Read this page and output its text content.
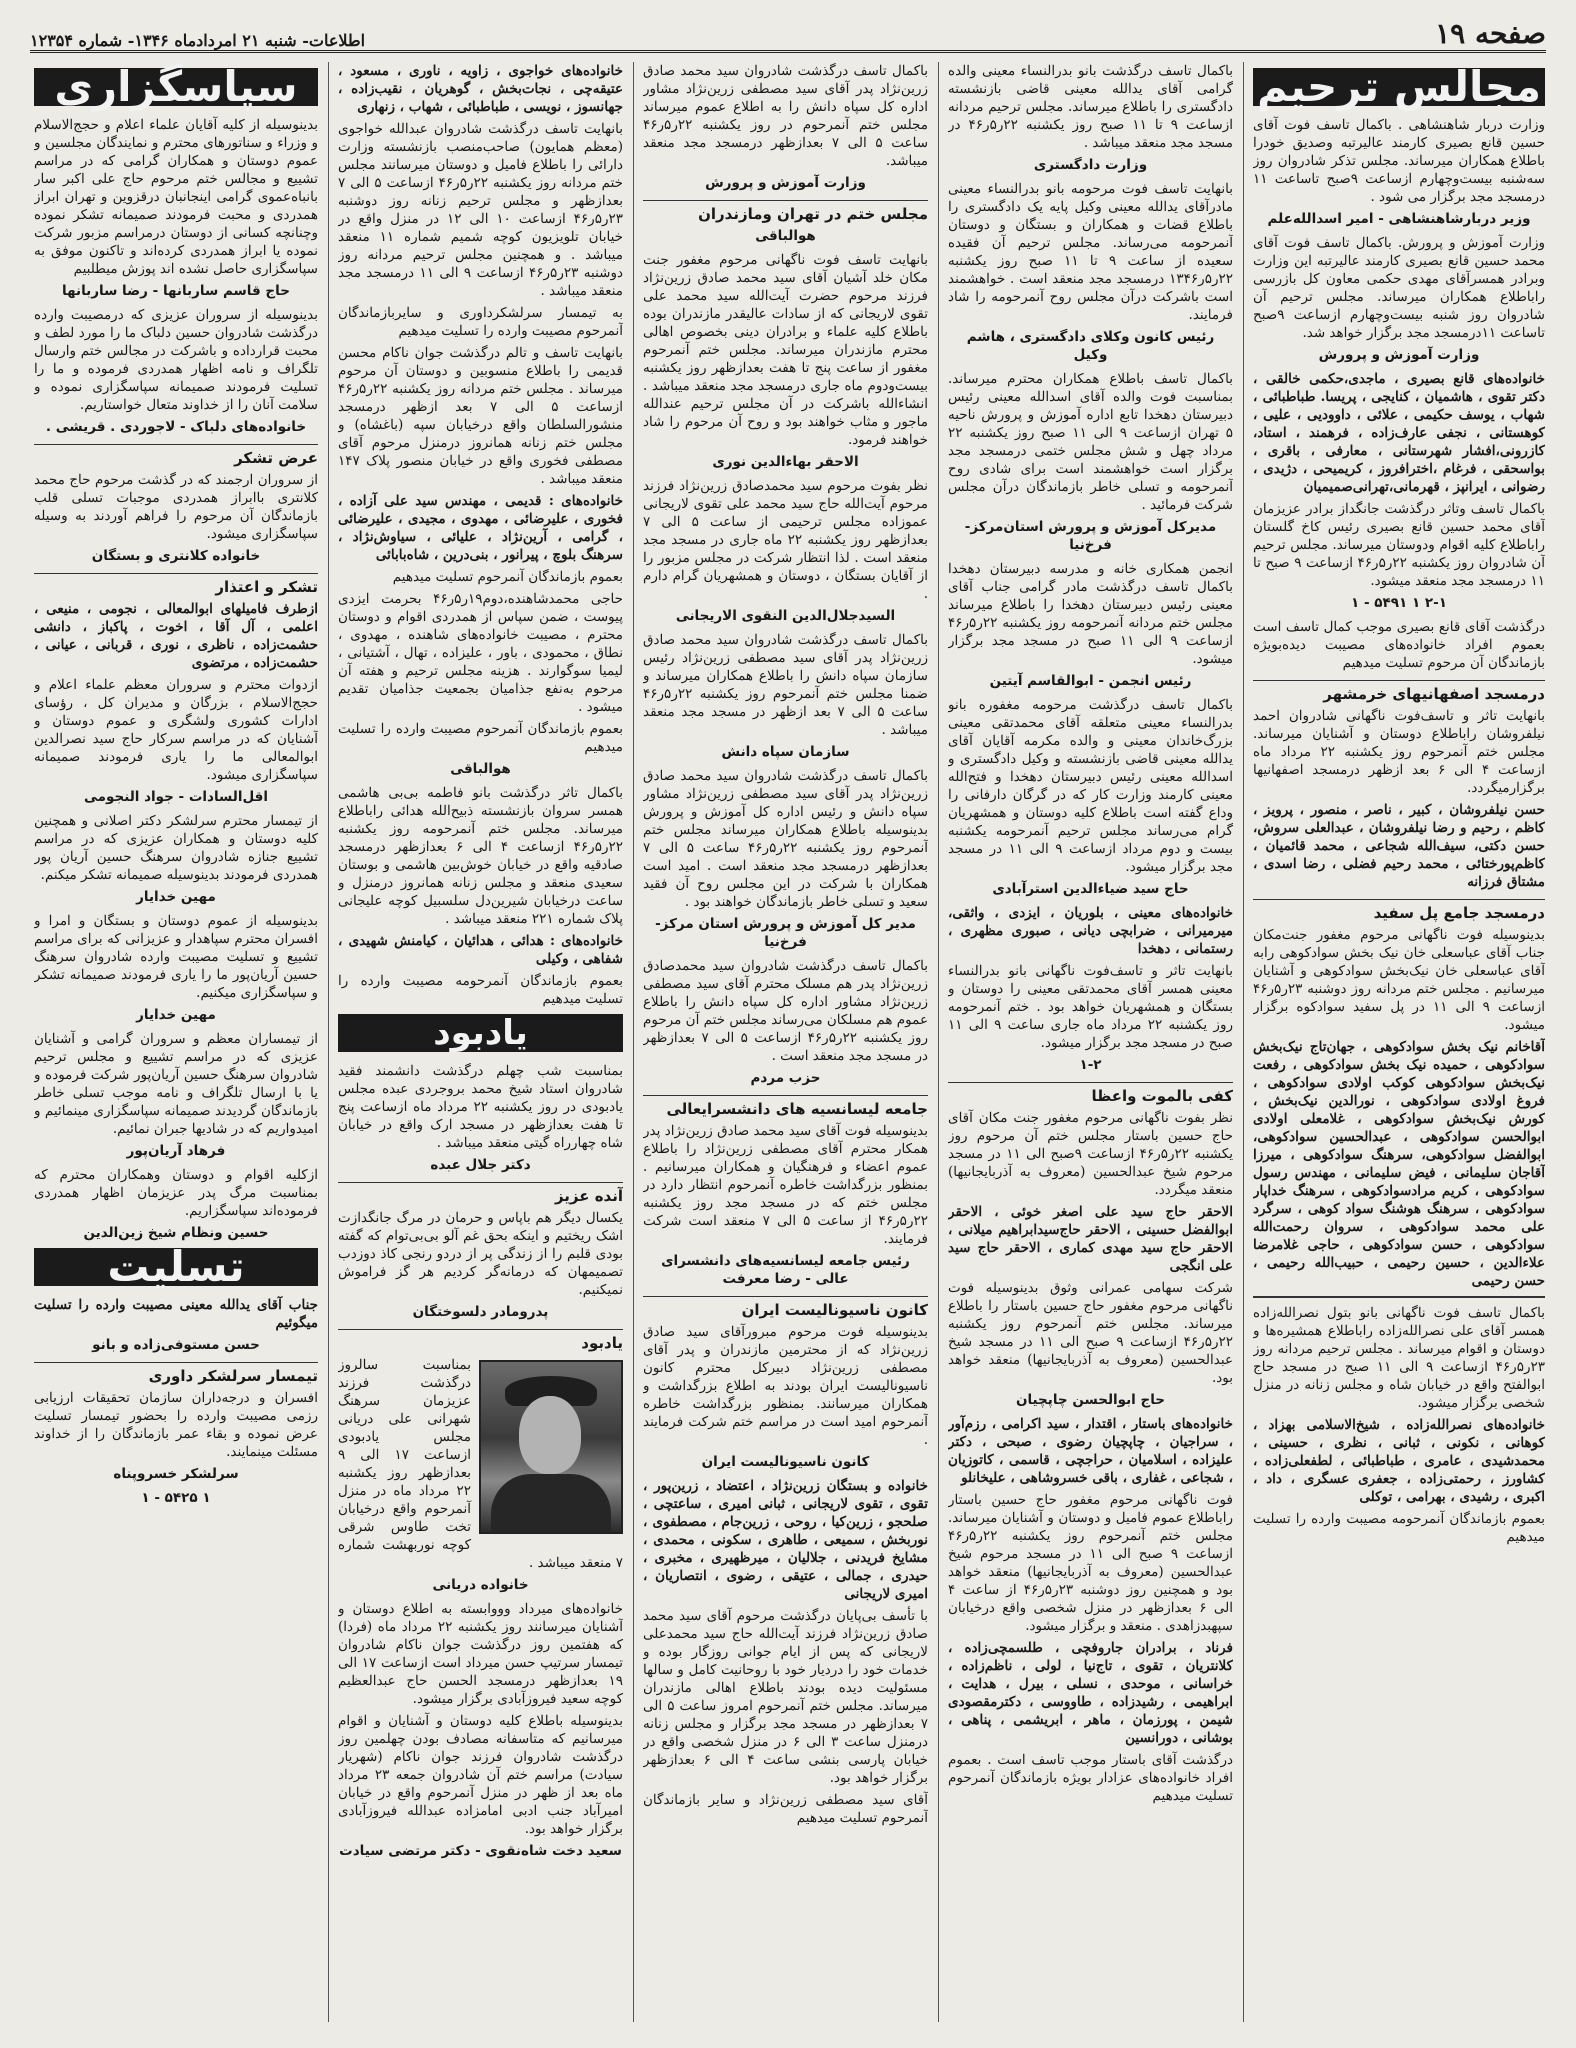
صفحه ۱۹
اطلاعات- شنبه ۲۱ امردادماه ۱۳۴۶- شماره ۱۲۳۵۴
مجالس ترحیم

وزارت دربار شاهنشاهی . باکمال تاسف فوت آقای حسین قانع بصیری کارمند عالیرتبه وصدیق خودرا باطلاع همکاران میرساند. مجلس تذکر شادروان روز سه‌شنبه بیست‌وچهارم ازساعت ۹صبح تاساعت ۱۱ درمسجد مجد برگزار می شود .

وزیر دربارشاهنشاهی - امیر اسدالله‌علم

وزارت آموزش و پرورش. باکمال تاسف فوت آقای محمد حسین قانع بصیری کارمند عالیرتبه این وزارت وبرادر همسرآقای مهدی حکمی معاون کل بازرسی راباطلاع همکاران میرساند. مجلس ترحیم آن شادروان روز شنبه بیست‌وچهارم ازساعت ۹صبح تاساعت ۱۱درمسجد مجد برگزار خواهد شد.

وزارت آموزش و پرورش

خانواده‌های قانع بصیری ، ماجدی،حکمی خالقی ، دکتر تقوی ، هاشمیان ، کنایجی ، پریسا. طباطبائی ، شهاب ، یوسف حکیمی ، علائی ، داوودیی ، علیی ، کوهستانی ، نجفی عارف‌زاده ، فرهمند ، استاد، کازرونی،افشار شهرستانی ، معارفی ، باقری ، بواسحقی ، فرغام ،اخترافروز ، کریمیحی ، دژیدی ، رضوانی ، ایرانپز ، قهرمانی،تهرانی‌صمیمیان

باکمال تاسف وتاثر درگذشت جانگداز برادر عزیزمان آقای محمد حسین قانع بصیری رئیس کاخ گلستان راباطلاع کلیه اقوام ودوستان میرساند. مجلس ترحیم آن شادروان روز یکشنبه ۲۲ر۵ر۴۶ ازساعت ۹ صبح تا ۱۱ درمسجد مجد منعقد میشود.

۲-۱ ۱ ۵۴۹۱ - ۱

درگذشت آقای قانع بصیری موجب کمال تاسف است بعموم افراد خانواده‌های مصیبت دیده‌بویژه بازماندگان آن مرحوم تسلیت میدهیم

درمسجد اصفهانیهای خرمشهر

بانهایت تاثر و تاسف‌فوت ناگهانی شادروان احمد نیلفروشان راباطلاع دوستان و آشنایان میرساند. مجلس ختم آنمرحوم روز یکشنبه ۲۲ مرداد ماه ازساعت ۴ الی ۶ بعد ازظهر درمسجد اصفهانیها برگزارمیگردد.

حسن نیلفروشان ، کبیر ، ناصر ، منصور ، پرویز ، کاظم ، رحیم و رضا نیلفروشان ، عبدالعلی سروش، حسن دکتی، سیف‌الله شجاعی ، محمد قائمیان ، کاظم‌پورختائی ، محمد رحیم فضلی ، رضا اسدی ، مشتاق فرزانه

درمسجد جامع پل سفید

بدینوسیله فوت ناگهانی مرحوم مغفور جنت‌مکان جناب آقای عباسعلی خان نیک بخش سوادکوهی رابه آقای عباسعلی خان نیک‌بخش سوادکوهی و آشنایان میرسانیم . مجلس ختم مردانه روز دوشنبه ۲۳ر۵ر۴۶ ازساعت ۹ الی ۱۱ در پل سفید سوادکوه برگزار میشود.

آقاخانم نیک بخش سوادکوهی ، جهان‌تاج نیک‌بخش سوادکوهی ، حمیده نیک بخش سوادکوهی ، رفعت نیک‌بخش سوادکوهی کوکب اولادی سوادکوهی ، فروغ اولادی سوادکوهی ، نورالدین نیک‌بخش ، کورش نیک‌بخش سوادکوهی ، غلامعلی اولادی ابوالحسن سوادکوهی ، عبدالحسین سوادکوهی، ابوالفضل سوادکوهی، سرهنگ سوادکوهی ، میرزا آقاجان سلیمانی ، فیض سلیمانی ، مهندس رسول سوادکوهی ، کریم مرادسوادکوهی ، سرهنگ خداپار سوادکوهی ، سرهنگ هوشنگ سواد کوهی ، سرگرد علی محمد سوادکوهی ، سروان رحمت‌الله سوادکوهی ، حسن سوادکوهی ، حاجی غلامرضا علاءالدین ، حسین رحیمی ، حبیب‌الله رحیمی ، حسن رحیمی

باکمال تاسف فوت ناگهانی بانو بتول نصرالله‌زاده همسر آقای علی نصرالله‌زاده راباطلاع همشیره‌ها و دوستان و اقوام میرساند . مجلس ترحیم مردانه روز ۲۳ر۵ر۴۶ ازساعت ۹ الی ۱۱ صبح در مسجد حاج ابوالفتح واقع در خیابان شاه و مجلس زنانه در منزل شخصی برگزار میشود.

خانواده‌های نصرالله‌زاده ، شیخ‌الاسلامی بهزاد ، کوهانی ، نکونی ، ثبانی ، نظری ، حسینی ، محمدشیدی ، عامری ، طباطبائی ، لطفعلی‌زاده ، کشاورز ، رحمتی‌زاده ، جعفری عسگری ، داد ، اکبری ، رشیدی ، بهرامی ، توکلی

بعموم بازماندگان آنمرحومه مصیبت وارده را تسلیت میدهیم

باکمال تاسف درگذشت بانو بدرالنساء معینی والده گرامی آقای یدالله معینی قاضی بازنشسته دادگستری را باطلاع میرساند. مجلس ترحیم مردانه ازساعت ۹ تا ۱۱ صبح روز یکشنبه ۲۲ر۵ر۴۶ در مسجد مجد منعقد میباشد .

وزارت دادگستری

بانهایت تاسف فوت مرحومه بانو بدرالنساء معینی مادرآقای یدالله معینی وکیل پایه یک دادگستری را باطلاع قضات و همکاران و بستگان و دوستان آنمرحومه می‌رساند. مجلس ترحیم آن فقیده سعیده از ساعت ۹ تا ۱۱ صبح روز یکشنبه ۲۲ر۵ر۱۳۴۶ درمسجد مجد منعقد است . خواهشمند است باشرکت درآن مجلس روح آنمرحومه را شاد فرمایند.

رئیس کانون وکلای دادگستری ، هاشم وکیل

باکمال تاسف باطلاع همکاران محترم میرساند. بمناسبت فوت والده آقای اسدالله معینی رئیس دبیرستان دهخدا تابع اداره آموزش و پرورش ناحیه ۵ تهران ازساعت ۹ الی ۱۱ صبح روز یکشنبه ۲۲ مرداد چهل و شش مجلس ختمی درمسجد مجد برگزار است خواهشمند است برای شادی روح آنمرحومه و تسلی خاطر بازماندگان درآن مجلس شرکت فرمائید .

مدیرکل آموزش و پرورش استان‌مرکز- فرخ‌نیا

انجمن همکاری خانه و مدرسه دبیرستان دهخدا باکمال تاسف درگذشت مادر گرامی جناب آقای معینی رئیس دبیرستان دهخدا را باطلاع میرساند مجلس ختم مردانه آنمرحومه روز یکشنبه ۲۲ر۵ر۴۶ ازساعت ۹ الی ۱۱ صبح در مسجد مجد برگزار میشود.

رئیس انجمن - ابوالقاسم آیتین

باکمال تاسف درگذشت مرحومه مغفوره بانو بدرالنساء معینی متعلقه آقای محمدتقی معینی بزرگ‌خاندان معینی و والده مکرمه آقایان آقای یدالله معینی قاضی بازنشسته و وکیل دادگستری و اسدالله معینی رئیس دبیرستان دهخدا و فتح‌الله معینی کارمند وزارت کار که در گرگان دارفانی را وداع گفته است باطلاع کلیه دوستان و همشهریان گرام می‌رساند مجلس ترحیم آنمرحومه یکشنبه بیست و دوم مرداد ازساعت ۹ الی ۱۱ در مسجد مجد برگزار میشود.

حاج سید ضیاءالدین استرآبادی

خانواده‌های معینی ، بلوریان ، ایزدی ، واثقی، میرمیرانی ، ضرابچی دیانی ، صبوری مظهری ، رستمانی ، دهخدا

بانهایت تاثر و تاسف‌فوت ناگهانی بانو بدرالنساء معینی همسر آقای محمدتقی معینی را دوستان و بستگان و همشهریان خواهد بود . ختم آنمرحومه روز یکشنبه ۲۲ مرداد ماه جاری ساعت ۹ الی ۱۱ صبح در مسجد مجد برگزار میشود.

۱-۲
کفی بالموت واعظا

نظر بفوت ناگهانی مرحوم مغفور جنت مکان آقای حاج حسین باستار مجلس ختم آن مرحوم روز یکشنبه ۲۲ر۵ر۴۶ ازساعت ۹صبح الی ۱۱ در مسجد مرحوم شیخ عبدالحسین (معروف به آذربایجانیها) منعقد میگردد.

الاحقر حاج سید علی اصغر خوئی ، الاحقر ابوالفضل حسینی ، الاحقر حاج‌سیدابراهیم میلانی ، الاحقر حاج سید مهدی کماری ، الاحقر حاج سید علی انگجی

شرکت سهامی عمرانی وثوق بدینوسیله فوت ناگهانی مرحوم مغفور حاج حسین باستار را باطلاع میرساند. مجلس ختم آنمرحوم روز یکشنبه ۲۲ر۵ر۴۶ ازساعت ۹ صبح الی ۱۱ در مسجد شیخ عبدالحسین (معروف به آذربایجانیها) منعقد خواهد بود.

حاج ابوالحسن چاپچیان

خانواده‌های باستار ، اقتدار ، سید اکرامی ، رزم‌آور ، سراجیان ، چاپچیان رضوی ، صبحی ، دکتر علیزاده ، اسلامیان ، حراجچی ، قاسمی ، کاتوزیان ، شجاعی ، غفاری ، باقی خسروشاهی ، علیخانلو

فوت ناگهانی مرحوم مغفور حاج حسین باستار راباطلاع عموم فامیل و دوستان و آشنایان میرساند. مجلس ختم آنمرحوم روز یکشنبه ۲۲ر۵ر۴۶ ازساعت ۹ صبح الی ۱۱ در مسجد مرحوم شیخ عبدالحسین (معروف به آذربایجانیها) منعقد خواهد بود و همچنین روز دوشنبه ۲۳ر۵ر۴۶ از ساعت ۴ الی ۶ بعدازظهر در منزل شخصی واقع درخیابان سپهبدزاهدی . منعقد و برگزار میشود.

فرناد ، برادران جاروفچی ، طلسمچی‌زاده ، کلانتریان ، تقوی ، تاج‌نیا ، لولی ، ناظم‌زاده ، خراسانی ، موحدی ، نسلی ، بیرل ، هدایت ، ابراهیمی ، رشیدزاده ، طاووسی ، دکترمقصودی شیمن ، پورزمان ، ماهر ، ابریشمی ، پناهی ، بوشانی ، دورانسین

درگذشت آقای باستار موجب تاسف است . بعموم افراد خانواده‌های عزادار بویژه بازماندگان آنمرحوم تسلیت میدهیم

باکمال تاسف درگذشت شادروان سید محمد صادق زرین‌نژاد پدر آقای سید مصطفی زرین‌نژاد مشاور اداره کل سپاه دانش را به اطلاع عموم میرساند مجلس ختم آنمرحوم در روز یکشنبه ۲۲ر۵ر۴۶ ساعت ۵ الی ۷ بعدازظهر درمسجد مجد منعقد میباشد.

وزارت آموزش و پرورش
مجلس ختم در تهران ومازندران
هوالباقی

بانهایت تاسف فوت ناگهانی مرحوم مغفور جنت مکان خلد آشیان آقای سید محمد صادق زرین‌نژاد فرزند مرحوم حضرت آیت‌الله سید محمد علی تقوی لاریجانی که از سادات عالیقدر مازندران بوده باطلاع کلیه علماء و برادران دینی بخصوص اهالی محترم مازندران میرساند. مجلس ختم آنمرحوم مغفور از ساعت پنج تا هفت بعدازظهر روز یکشنبه بیست‌ودوم ماه جاری درمسجد مجد منعقد میباشد . انشاءالله باشرکت در آن مجلس ترحیم عندالله ماجور و مثاب خواهند بود و روح آن مرحوم را شاد خواهند فرمود.

الاحقر بهاءالدین نوری

نظر بفوت مرحوم سید محمدصادق زرین‌نژاد فرزند مرحوم آیت‌الله حاج سید محمد علی تقوی لاریجانی عموزاده مجلس ترحیمی از ساعت ۵ الی ۷ بعدازظهر روز یکشنبه ۲۲ ماه جاری در مسجد مجد منعقد است . لذا انتظار شرکت در مجلس مزبور را از آقایان بستگان ، دوستان و همشهریان گرام دارم .

السیدجلال‌الدین النقوی الاریجانی

باکمال تاسف درگذشت شادروان سید محمد صادق زرین‌نژاد پدر آقای سید مصطفی زرین‌نژاد رئیس سازمان سپاه دانش را باطلاع همکاران میرساند و ضمنا مجلس ختم آنمرحوم روز یکشنبه ۲۲ر۵ر۴۶ ساعت ۵ الی ۷ بعد ازظهر در مسجد مجد منعقد میباشد .

سازمان سپاه دانش

باکمال تاسف درگذشت شادروان سید محمد صادق زرین‌نژاد پدر آقای سید مصطفی زرین‌نژاد مشاور سپاه دانش و رئیس اداره کل آموزش و پرورش بدینوسیله باطلاع همکاران میرساند مجلس ختم آنمرحوم روز یکشنبه ۲۲ر۵ر۴۶ ساعت ۵ الی ۷ بعدازظهر درمسجد مجد منعقد است . امید است همکاران با شرکت در این مجلس روح آن فقید سعید و تسلی خاطر بازماندگان خواهند بود .

مدیر کل آموزش و پرورش استان مرکز- فرخ‌نیا

باکمال تاسف درگذشت شادروان سید محمدصادق زرین‌نژاد پدر هم مسلک محترم آقای سید مصطفی زرین‌نژاد مشاور اداره کل سپاه دانش را باطلاع عموم هم مسلکان می‌رساند مجلس ختم آن مرحوم روز یکشنبه ۲۲ر۵ر۴۶ ازساعت ۵ الی ۷ بعدازظهر در مسجد مجد منعقد است .

حزب مردم
جامعه لیسانسیه های دانشسرایعالی

بدینوسیله فوت آقای سید محمد صادق زرین‌نژاد پدر همکار محترم آقای مصطفی زرین‌نژاد را باطلاع عموم اعضاء و فرهنگیان و همکاران میرسانیم . بمنظور بزرگداشت خاطره آنمرحوم انتظار دارد در مجلس ختم که در مسجد مجد روز یکشنبه ۲۲ر۵ر۴۶ از ساعت ۵ الی ۷ منعقد است شرکت فرمایند.

رئیس جامعه لیسانسیه‌های دانشسرای عالی - رضا معرفت
کانون ناسیونالیست ایران

بدینوسیله فوت مرحوم مبرورآقای سید صادق زرین‌نژاد که از محترمین مازندران و پدر آقای مصطفی زرین‌نژاد دبیرکل محترم کانون ناسیونالیست ایران بودند به اطلاع بزرگداشت و همکاران میرسانند. بمنظور بزرگداشت خاطره آنمرحوم امید است در مراسم ختم شرکت فرمایند .

کانون ناسیونالیست ایران

خانواده و بستگان زرین‌نژاد ، اعتضاد ، زرین‌پور ، تقوی ، تقوی لاریجانی ، ثبانی امیری ، ساعتچی ، صلحجو ، زرین‌کیا ، روحی ، زرین‌جام ، مصطفوی ، نوربخش ، سمیعی ، طاهری ، سکونی ، محمدی ، مشایخ فریدنی ، جلالیان ، میرظهیری ، مخبری ، حیدری ، جمالی ، عتیقی ، رضوی ، انتصاریان ، امیری لاریجانی

با تأسف بی‌پایان درگذشت مرحوم آقای سید محمد صادق زرین‌نژاد فرزند آیت‌الله حاج سید محمدعلی لاریجانی که پس از ایام جوانی روزگار بوده و خدمات خود را دردیار خود با روحانیت کامل و سالها مسئولیت دیده بودند باطلاع اهالی مازندران میرساند. مجلس ختم آنمرحوم امروز ساعت ۵ الی ۷ بعدازظهر در مسجد مجد برگزار و مجلس زنانه درمنزل ساعت ۳ الی ۶ در منزل شخصی واقع در خیابان پارسی بنشی ساعت ۴ الی ۶ بعدازظهر برگزار خواهد بود.

آقای سید مصطفی زرین‌نژاد و سایر بازماندگان آنمرحوم تسلیت میدهیم

خانواده‌های خواجوی ، زاویه ، ناوری ، مسعود ، عتیقه‌چی ، نجات‌بخش ، گوهریان ، نقیب‌زاده ، جهانسوز ، نویسی ، طباطبائی ، شهاب ، زنهاری

بانهایت تاسف درگذشت شادروان عبدالله خواجوی (معظم همایون) صاحب‌منصب بازنشسته وزارت دارائی را باطلاع فامیل و دوستان میرسانند مجلس ختم مردانه روز یکشنبه ۲۲ر۵ر۴۶ ازساعت ۵ الی ۷ بعدازظهر و مجلس ترحیم زنانه روز دوشنبه ۲۳ر۵ر۴۶ ازساعت ۱۰ الی ۱۲ در منزل واقع در خیابان تلویزیون کوچه شمیم شماره ۱۱ منعقد میباشد . و همچنین مجلس ترحیم مردانه روز دوشنبه ۲۳ر۵ر۴۶ ازساعت ۹ الی ۱۱ درمسجد مجد منعقد میباشد .

به تیمسار سرلشکرداوری و سایربازماندگان آنمرحوم مصیبت وارده را تسلیت میدهیم

بانهایت تاسف و تالم درگذشت جوان ناکام محسن قدیمی را باطلاع منسوبین و دوستان آن مرحوم میرساند . مجلس ختم مردانه روز یکشنبه ۲۲ر۵ر۴۶ ازساعت ۵ الی ۷ بعد ازظهر درمسجد منشورالسلطان واقع درخیابان سپه (باغشاه) و مجلس ختم زنانه همانروز درمنزل مرحوم آقای مصطفی فخوری واقع در خیابان منصور پلاک ۱۴۷ منعقد میباشد .

خانواده‌های : قدیمی ، مهندس سید علی آزاده ، فخوری ، علیرضائی ، مهدوی ، مجیدی ، علیرضائی ، گرامی ، آرین‌نژاد ، علیائی ، سیاوش‌نژاد ، سرهنگ بلوچ ، پیرانور ، بنی‌درین ، شاه‌بابائی

بعموم بازماندگان آنمرحوم تسلیت میدهیم

حاجی محمدشاهنده،دوم‌۱۹ر۵ر۴۶ بحرمت ایزدی پیوست ، ضمن سپاس از همدردی اقوام و دوستان محترم ، مصیبت خانواده‌های شاهنده ، مهدوی ، نطاق ، محمودی ، باور ، علیزاده ، تهال ، آشتیانی ، لیمیا سوگوارند . هزینه مجلس ترحیم و هفته آن مرحوم به‌نفع جذامیان بجمعیت جذامیان تقدیم میشود .

بعموم بازماندگان آنمرحوم مصیبت وارده را تسلیت میدهیم

هوالباقی

باکمال تاثر درگذشت بانو فاطمه بی‌بی هاشمی همسر سروان بازنشسته ذبیح‌الله هدائی راباطلاع میرساند. مجلس ختم آنمرحومه روز یکشنبه ۲۲ر۵ر۴۶ ازساعت ۴ الی ۶ بعدازظهر درمسجد صادقیه واقع در خیابان خوش‌بین هاشمی و بوستان سعیدی منعقد و مجلس زنانه همانروز درمنزل و ساعت درخیابان شیرین‌دل سلسبیل کوچه علیجانی پلاک شماره ۲۲۱ منعقد میباشد .

خانواده‌های : هدائی ، هدائیان ، کیامنش شهیدی ، شفاهی ، وکیلی

بعموم بازماندگان آنمرحومه مصیبت وارده را تسلیت میدهیم

یادبود

بمناسبت شب چهلم درگذشت دانشمند فقید شادروان استاد شیخ محمد بروجردی عبده مجلس یادبودی در روز یکشنبه ۲۲ مرداد ماه ازساعت پنج تا هفت بعدازظهر در مسجد ارک واقع در خیابان شاه چهارراه گیتی منعقد میباشد .

دکتر جلال عبده
آنده عزیز

یکسال دیگر هم باپاس و حرمان در مرگ جانگدازت اشک ریختیم و اینکه بحق غم آلو بی‌بی‌توام که گفته بودی قلبم را از زندگی پر از دردو رنجی کاذ دوزدب تصمیمهان که درمانه‌گر کردیم هر گز فراموش نمیکنیم.

پدرومادر دلسوختگان
یادبود

بمناسبت سالروز درگذشت فرزند عزیزمان سرهنگ شهرانی علی دریانی مجلس یادبودی ازساعت ۱۷ الی ۹ بعدازظهر روز یکشنبه ۲۲ مرداد ماه در منزل آنمرحوم واقع درخیابان تخت طاوس شرقی کوچه نوربهشت شماره ۷ منعقد میباشد .

خانواده دریانی

خانواده‌های میرداد وووابسته به اطلاع دوستان و آشنایان میرسانند روز یکشنبه ۲۲ مرداد ماه (فردا) که هفتمین روز درگذشت جوان ناکام شادروان تیمسار سرتیپ حسن میرداد است ازساعت ۱۷ الی ۱۹ بعدازظهر درمسجد الحسن حاج عبدالعظیم کوچه سعید فیروزآبادی برگزار میشود.

بدینوسیله باطلاع کلیه دوستان و آشنایان و اقوام میرسانیم که متاسفانه مصادف بودن چهلمین روز درگذشت شادروان فرزند جوان ناکام (شهریار سیادت) مراسم ختم آن شادروان جمعه ۲۳ مرداد ماه بعد از ظهر در منزل آنمرحوم واقع در خیابان امیرآباد جنب ادبی امامزاده عبدالله فیروزآبادی برگزار خواهد بود.

سعید دخت شاه‌نقوی - دکتر مرتضی سیادت
سپاسگزاری

بدینوسیله از کلیه آقایان علماء اعلام و حجج‌الاسلام و وزراء و سناتورهای محترم و نمایندگان مجلسین و عموم دوستان و همکاران گرامی که در مراسم تشییع و مجالس ختم مرحوم حاج علی اکبر سار بانباه‌عموی گرامی اینجانبان درقزوین و تهران ابراز همدردی و محبت فرمودند صمیمانه تشکر نموده وچنانچه کسانی از دوستان درمراسم مزبور شرکت نموده یا ابراز همدردی کرده‌اند و تاکنون موفق به سپاسگزاری حاصل نشده اند پوزش میطلبیم

حاج قاسم ساربانها - رضا ساربانها

بدینوسیله از سروران عزیزی که درمصیبت وارده درگذشت شادروان حسین دلباک ما را مورد لطف و محبت قرارداده و باشرکت در مجالس ختم وارسال تلگراف و نامه اظهار همدردی فرموده و ما را تسلیت فرمودند صمیمانه سپاسگزاری نموده و سلامت آنان را از خداوند متعال خواستاریم.

خانواده‌های دلباک - لاجوردی . قریشی .
عرض تشکر

از سروران ارجمند که در گذشت مرحوم حاج محمد کلانتری باابراز همدردی موجبات تسلی قلب بازماندگان آن مرحوم را فراهم آوردند به وسیله سپاسگزاری میشود.

خانواده کلانتری و بستگان
تشکر و اعتذار

ازطرف فامیلهای ابوالمعالی ، نجومی ، منیعی ، اعلمی ، آل آقا ، اخوت ، پاکباز ، دانشی حشمت‌زاده ، ناظری ، نوری ، قربانی ، عیانی ، حشمت‌زاده ، مرتضوی

ازدوات محترم و سروران معظم علماء اعلام و حجج‌الاسلام ، بزرگان و مدیران کل ، رؤسای ادارات کشوری ولشگری و عموم دوستان و آشنایان که در مراسم سرکار حاج سید نصرالدین ابوالمعالی ما را یاری فرمودند صمیمانه سپاسگزاری میشود.

اقل‌السادات - جواد النجومی

از تیمسار محترم سرلشکر دکتر اصلانی و همچنین کلیه دوستان و همکاران عزیزی که در مراسم تشییع جنازه شادروان سرهنگ حسین آریان پور همدردی فرمودند بدینوسیله صمیمانه تشکر میکنم.

مهین خدایار

بدینوسیله از عموم دوستان و بستگان و امرا و افسران محترم سپاهدار و عزیزانی که برای مراسم تشییع و تسلیت مصیبت وارده شادروان سرهنگ حسین آریان‌پور ما را یاری فرمودند صمیمانه تشکر و سپاسگزاری میکنیم.

مهین خدایار

از تیمساران معظم و سروران گرامی و آشنایان عزیزی که در مراسم تشییع و مجلس ترحیم شادروان سرهنگ حسین آریان‌پور شرکت فرموده و یا با ارسال تلگراف و نامه موجب تسلی خاطر بازماندگان گردیدند صمیمانه سپاسگزاری مینمائیم و امیدواریم که در شادیها جبران نمائیم.

فرهاد آریان‌پور

ازکلیه اقوام و دوستان وهمکاران محترم که بمناسبت مرگ پدر عزیزمان اظهار همدردی فرموده‌اند سپاسگزاریم.

حسین ونظام شیخ زین‌الدین
تسلیت

جناب آقای یدالله معینی مصیبت وارده را تسلیت میگوئیم

حسن مستوفی‌زاده و بانو
تیمسار سرلشکر داوری

افسران و درجه‌داران سازمان تحقیقات ارزیابی رزمی مصیبت وارده را بحضور تیمسار تسلیت عرض نموده و بقاء عمر بازماندگان را از خداوند مسئلت مینمایند.

سرلشکر خسروپناه
۱ ۵۴۲۵ - ۱
